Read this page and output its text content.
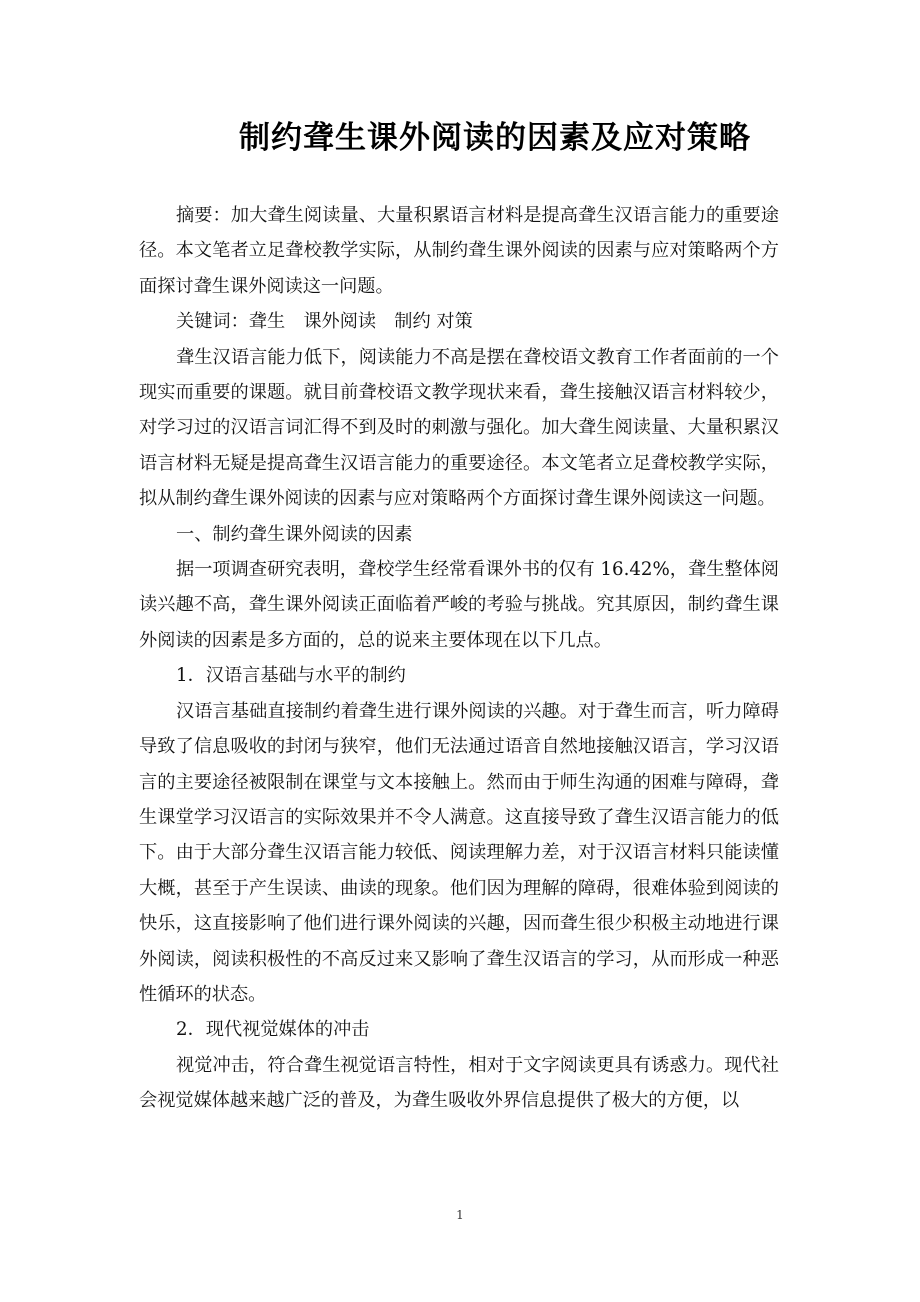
制约聋生课外阅读的因素及应对策略

摘要：加大聋生阅读量、大量积累语言材料是提高聋生汉语言能力的重要途径。本文笔者立足聋校教学实际，从制约聋生课外阅读的因素与应对策略两个方面探讨聋生课外阅读这一问题。

关键词：聋生　课外阅读　制约 对策

聋生汉语言能力低下，阅读能力不高是摆在聋校语文教育工作者面前的一个现实而重要的课题。就目前聋校语文教学现状来看，聋生接触汉语言材料较少，对学习过的汉语言词汇得不到及时的刺激与强化。加大聋生阅读量、大量积累汉语言材料无疑是提高聋生汉语言能力的重要途径。本文笔者立足聋校教学实际，拟从制约聋生课外阅读的因素与应对策略两个方面探讨聋生课外阅读这一问题。

一、制约聋生课外阅读的因素

据一项调查研究表明，聋校学生经常看课外书的仅有 16.42%，聋生整体阅读兴趣不高，聋生课外阅读正面临着严峻的考验与挑战。究其原因，制约聋生课外阅读的因素是多方面的，总的说来主要体现在以下几点。

1．汉语言基础与水平的制约

汉语言基础直接制约着聋生进行课外阅读的兴趣。对于聋生而言，听力障碍导致了信息吸收的封闭与狭窄，他们无法通过语音自然地接触汉语言，学习汉语言的主要途径被限制在课堂与文本接触上。然而由于师生沟通的困难与障碍，聋生课堂学习汉语言的实际效果并不令人满意。这直接导致了聋生汉语言能力的低下。由于大部分聋生汉语言能力较低、阅读理解力差，对于汉语言材料只能读懂大概，甚至于产生误读、曲读的现象。他们因为理解的障碍，很难体验到阅读的快乐，这直接影响了他们进行课外阅读的兴趣，因而聋生很少积极主动地进行课外阅读，阅读积极性的不高反过来又影响了聋生汉语言的学习，从而形成一种恶性循环的状态。

2．现代视觉媒体的冲击

视觉冲击，符合聋生视觉语言特性，相对于文字阅读更具有诱惑力。现代社会视觉媒体越来越广泛的普及，为聋生吸收外界信息提供了极大的方便，以

1
